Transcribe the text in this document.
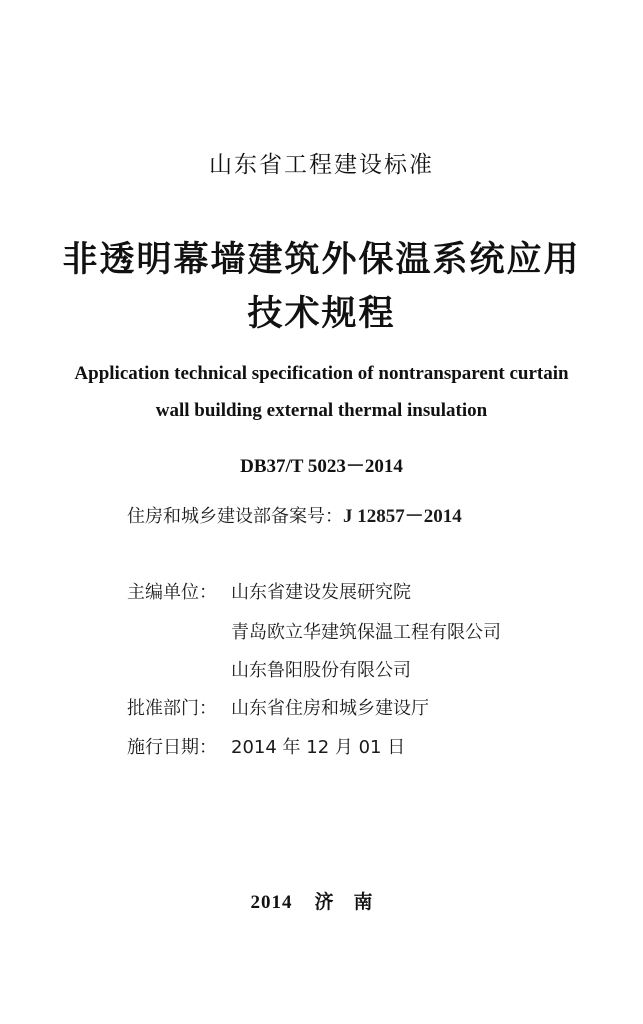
山东省工程建设标准
非透明幕墙建筑外保温系统应用
技术规程
Application technical specification of nontransparent curtain
wall building external thermal insulation
DB37/T 5023－2014
住房和城乡建设部备案号：J 12857－2014
主编单位： 山东省建设发展研究院
青岛欧立华建筑保温工程有限公司
山东鲁阳股份有限公司
批准部门： 山东省住房和城乡建设厅
施行日期： 2014 年 12 月 01 日
2014 济南
